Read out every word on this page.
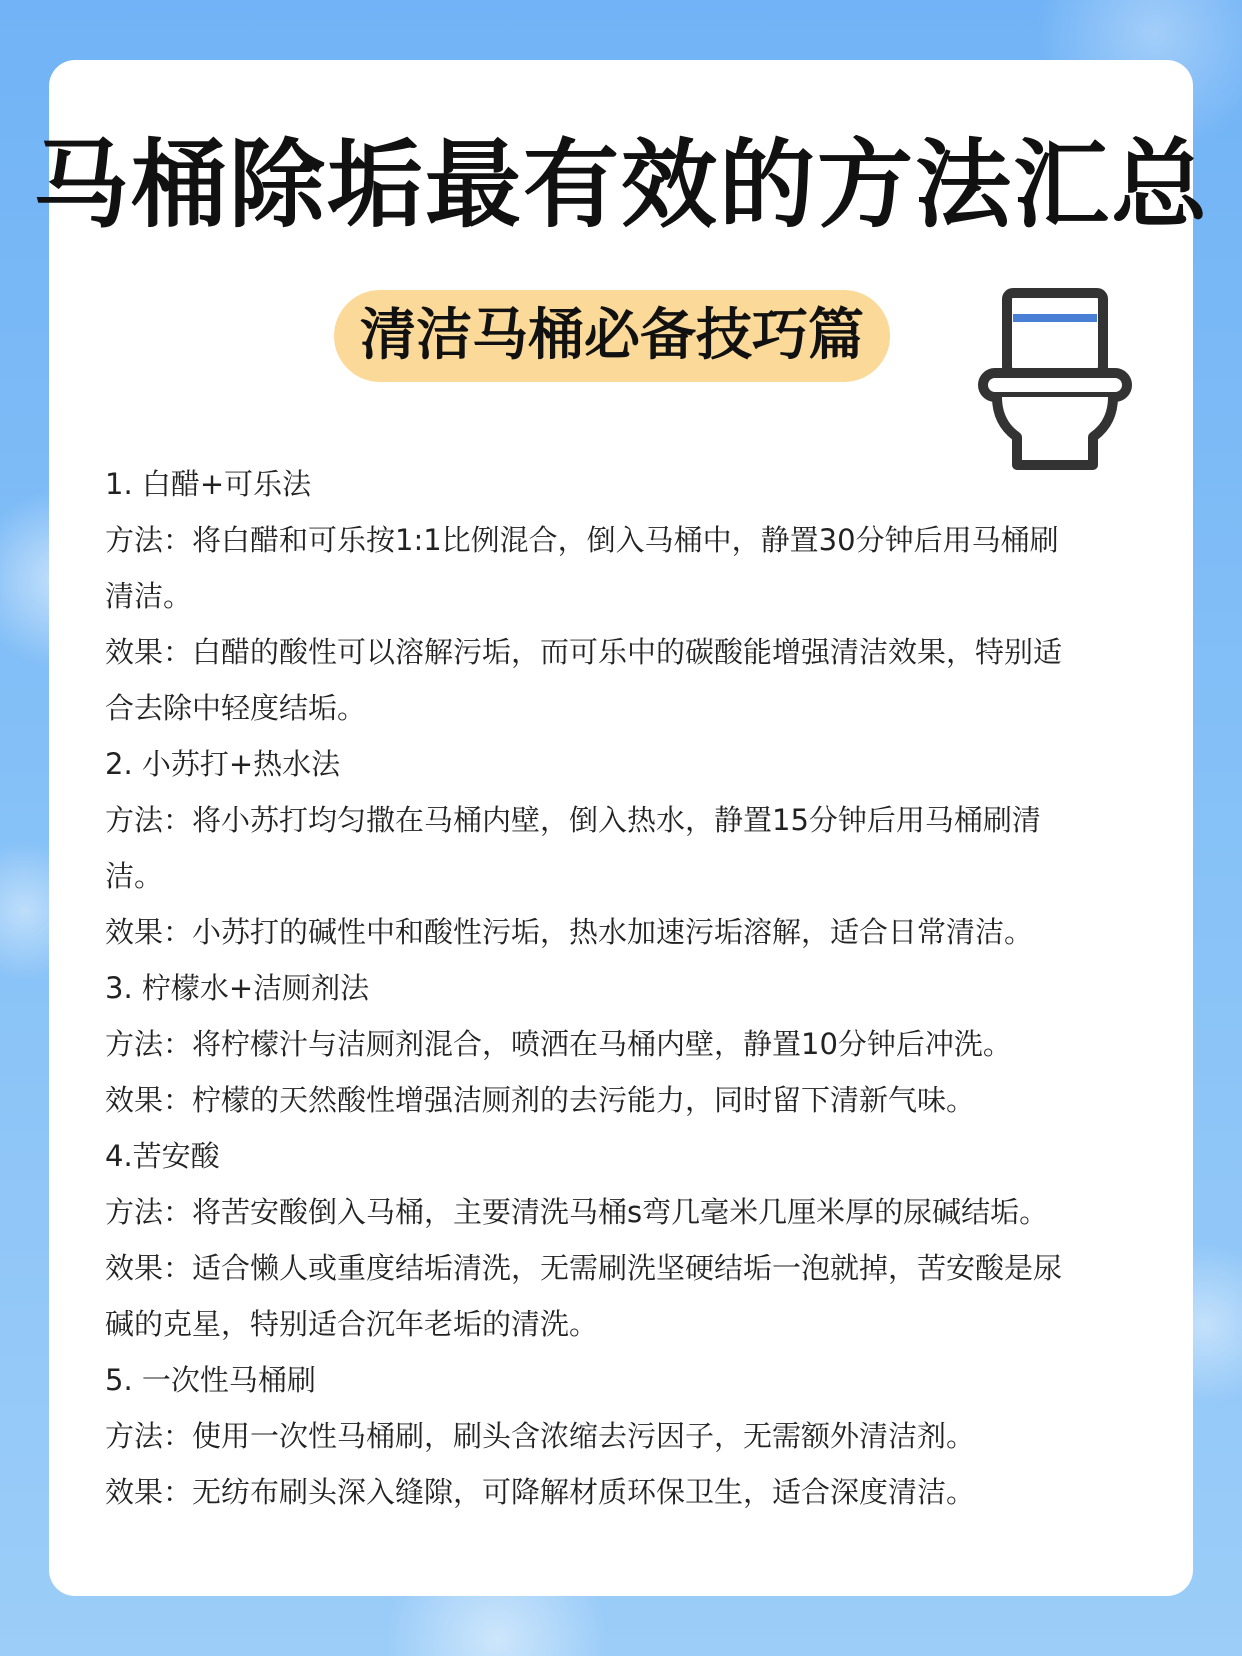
马桶除垢最有效的方法汇总
清洁马桶必备技巧篇
1. 白醋+可乐法
方法：将白醋和可乐按1:1比例混合，倒入马桶中，静置30分钟后用马桶刷
清洁。
效果：白醋的酸性可以溶解污垢，而可乐中的碳酸能增强清洁效果，特别适
合去除中轻度结垢。
2. 小苏打+热水法
方法：将小苏打均匀撒在马桶内壁，倒入热水，静置15分钟后用马桶刷清
洁。
效果：小苏打的碱性中和酸性污垢，热水加速污垢溶解，适合日常清洁。
3. 柠檬水+洁厕剂法
方法：将柠檬汁与洁厕剂混合，喷洒在马桶内壁，静置10分钟后冲洗。
效果：柠檬的天然酸性增强洁厕剂的去污能力，同时留下清新气味。
4.苦安酸
方法：将苦安酸倒入马桶，主要清洗马桶s弯几毫米几厘米厚的尿碱结垢。
效果：适合懒人或重度结垢清洗，无需刷洗坚硬结垢一泡就掉，苦安酸是尿
碱的克星，特别适合沉年老垢的清洗。
5. 一次性马桶刷
方法：使用一次性马桶刷，刷头含浓缩去污因子，无需额外清洁剂。
效果：无纺布刷头深入缝隙，可降解材质环保卫生，适合深度清洁。
